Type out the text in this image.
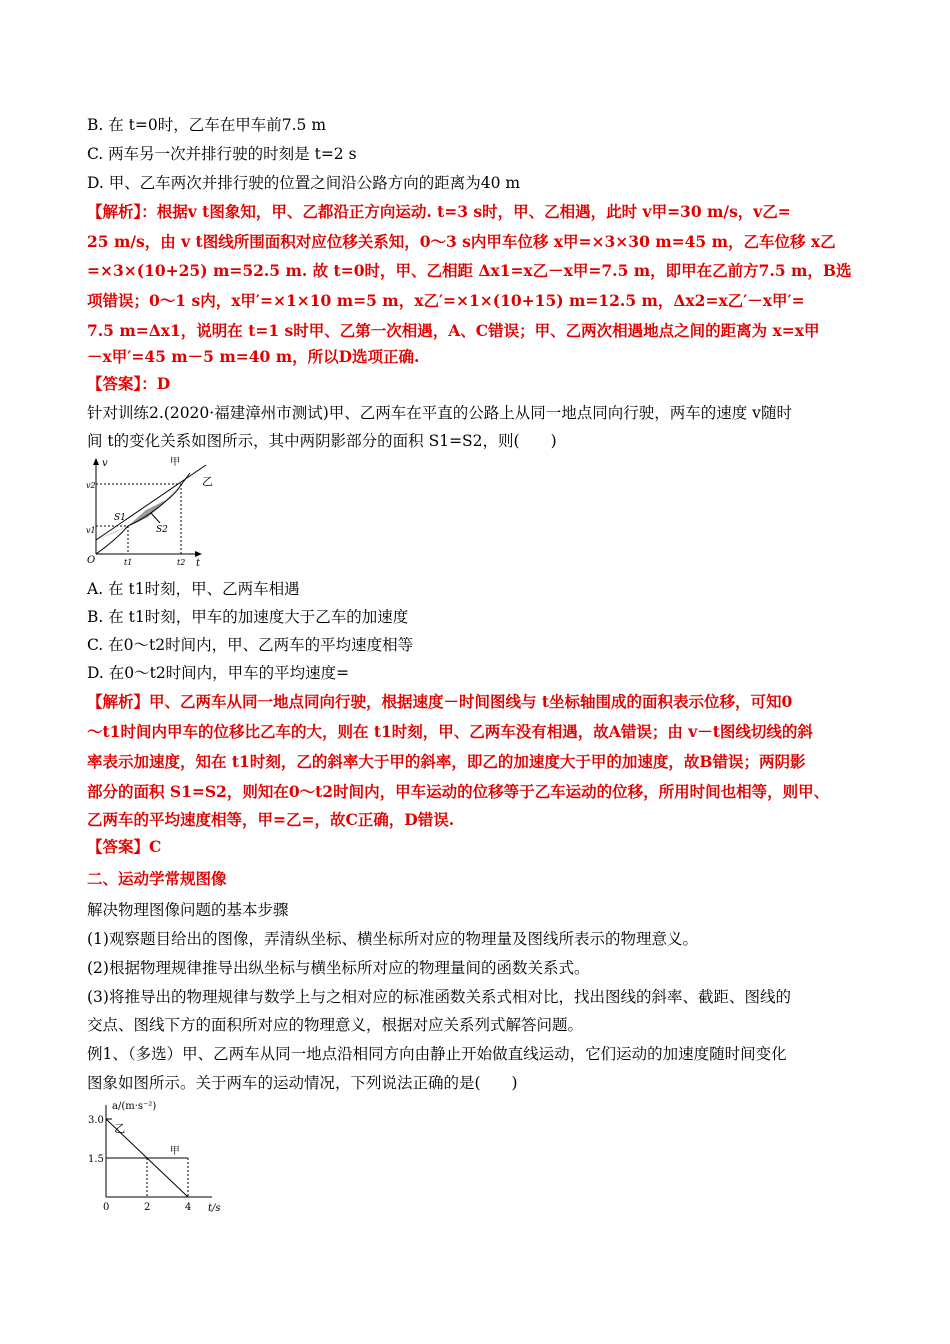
B. 在 t=0时，乙车在甲车前7.5 m
C. 两车另一次并排行驶的时刻是 t=2 s
D. 甲、乙车两次并排行驶的位置之间沿公路方向的距离为40 m
【解析】：根据v t图象知，甲、乙都沿正方向运动. t=3 s时，甲、乙相遇，此时 v甲=30 m/s，v乙=
25 m/s，由 v t图线所围面积对应位移关系知，0～3 s内甲车位移 x甲=×3×30 m=45 m，乙车位移 x乙
=×3×(10+25) m=52.5 m. 故 t=0时，甲、乙相距 Δx1=x乙－x甲=7.5 m，即甲在乙前方7.5 m，B选
项错误；0～1 s内，x甲′=×1×10 m=5 m，x乙′=×1×(10+15) m=12.5 m，Δx2=x乙′－x甲′=
7.5 m=Δx1，说明在 t=1 s时甲、乙第一次相遇，A、C错误；甲、乙两次相遇地点之间的距离为 x=x甲
－x甲′=45 m－5 m=40 m，所以D选项正确.
【答案】：D
针对训练2.(2020·福建漳州市测试)甲、乙两车在平直的公路上从同一地点同向行驶，两车的速度 v随时
间 t的变化关系如图所示，其中两阴影部分的面积 S1=S2，则(　　)
v
t
O
v1
v2
t1	t2
S1
S2
甲
乙
A. 在 t1时刻，甲、乙两车相遇
B. 在 t1时刻，甲车的加速度大于乙车的加速度
C. 在0～t2时间内，甲、乙两车的平均速度相等
D. 在0～t2时间内，甲车的平均速度=
【解析】甲、乙两车从同一地点同向行驶，根据速度－时间图线与 t坐标轴围成的面积表示位移，可知0
～t1时间内甲车的位移比乙车的大，则在 t1时刻，甲、乙两车没有相遇，故A错误；由 v－t图线切线的斜
率表示加速度，知在 t1时刻，乙的斜率大于甲的斜率，即乙的加速度大于甲的加速度，故B错误；两阴影
部分的面积 S1=S2，则知在0～t2时间内，甲车运动的位移等于乙车运动的位移，所用时间也相等，则甲、
乙两车的平均速度相等，甲=乙=，故C正确，D错误.
【答案】C
二、运动学常规图像
解决物理图像问题的基本步骤
(1)观察题目给出的图像，弄清纵坐标、横坐标所对应的物理量及图线所表示的物理意义。
(2)根据物理规律推导出纵坐标与横坐标所对应的物理量间的函数关系式。
(3)将推导出的物理规律与数学上与之相对应的标准函数关系式相对比，找出图线的斜率、截距、图线的
交点、图线下方的面积所对应的物理意义，根据对应关系列式解答问题。
例1、（多选）甲、乙两车从同一地点沿相同方向由静止开始做直线运动，它们运动的加速度随时间变化
图象如图所示。关于两车的运动情况，下列说法正确的是(　　)
a/(m·s⁻²)
t/s
甲
乙
0	2	4
1.5
3.0
